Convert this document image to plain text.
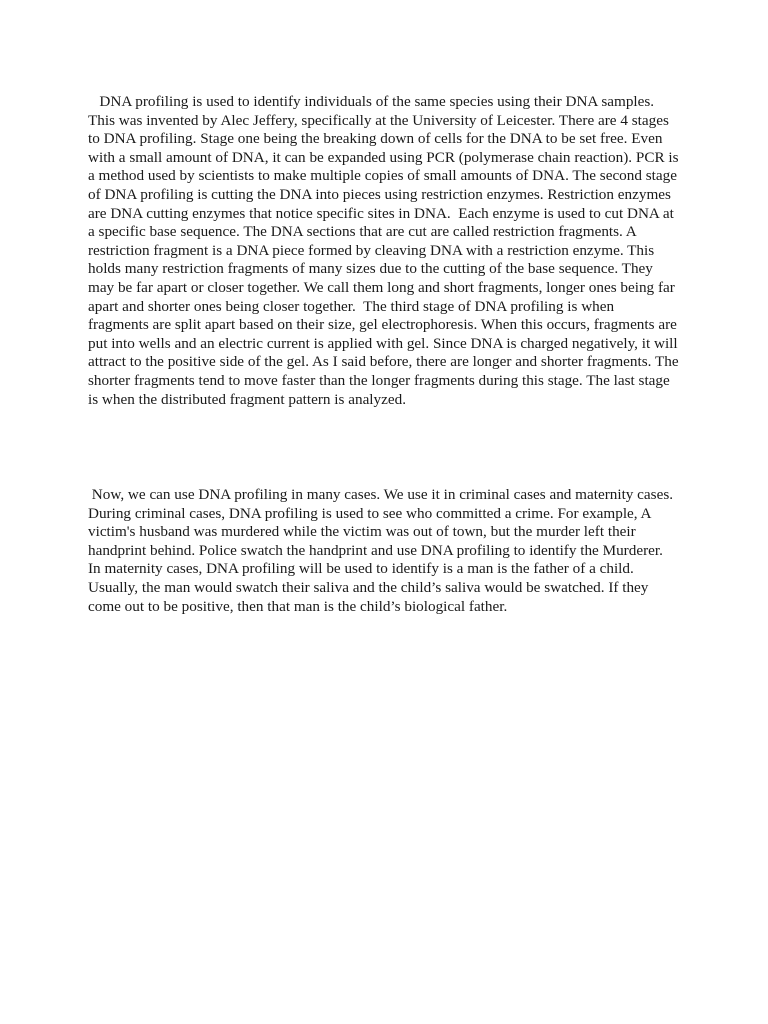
DNA profiling is used to identify individuals of the same species using their DNA samples.
This was invented by Alec Jeffery, specifically at the University of Leicester. There are 4 stages
to DNA profiling. Stage one being the breaking down of cells for the DNA to be set free. Even
with a small amount of DNA, it can be expanded using PCR (polymerase chain reaction). PCR is
a method used by scientists to make multiple copies of small amounts of DNA. The second stage
of DNA profiling is cutting the DNA into pieces using restriction enzymes. Restriction enzymes
are DNA cutting enzymes that notice specific sites in DNA.  Each enzyme is used to cut DNA at
a specific base sequence. The DNA sections that are cut are called restriction fragments. A
restriction fragment is a DNA piece formed by cleaving DNA with a restriction enzyme. This
holds many restriction fragments of many sizes due to the cutting of the base sequence. They
may be far apart or closer together. We call them long and short fragments, longer ones being far
apart and shorter ones being closer together.  The third stage of DNA profiling is when
fragments are split apart based on their size, gel electrophoresis. When this occurs, fragments are
put into wells and an electric current is applied with gel. Since DNA is charged negatively, it will
attract to the positive side of the gel. As I said before, there are longer and shorter fragments. The
shorter fragments tend to move faster than the longer fragments during this stage. The last stage
is when the distributed fragment pattern is analyzed.

Now, we can use DNA profiling in many cases. We use it in criminal cases and maternity cases.
During criminal cases, DNA profiling is used to see who committed a crime. For example, A
victim's husband was murdered while the victim was out of town, but the murder left their
handprint behind. Police swatch the handprint and use DNA profiling to identify the Murderer.
In maternity cases, DNA profiling will be used to identify is a man is the father of a child.
Usually, the man would swatch their saliva and the child’s saliva would be swatched. If they
come out to be positive, then that man is the child’s biological father.
